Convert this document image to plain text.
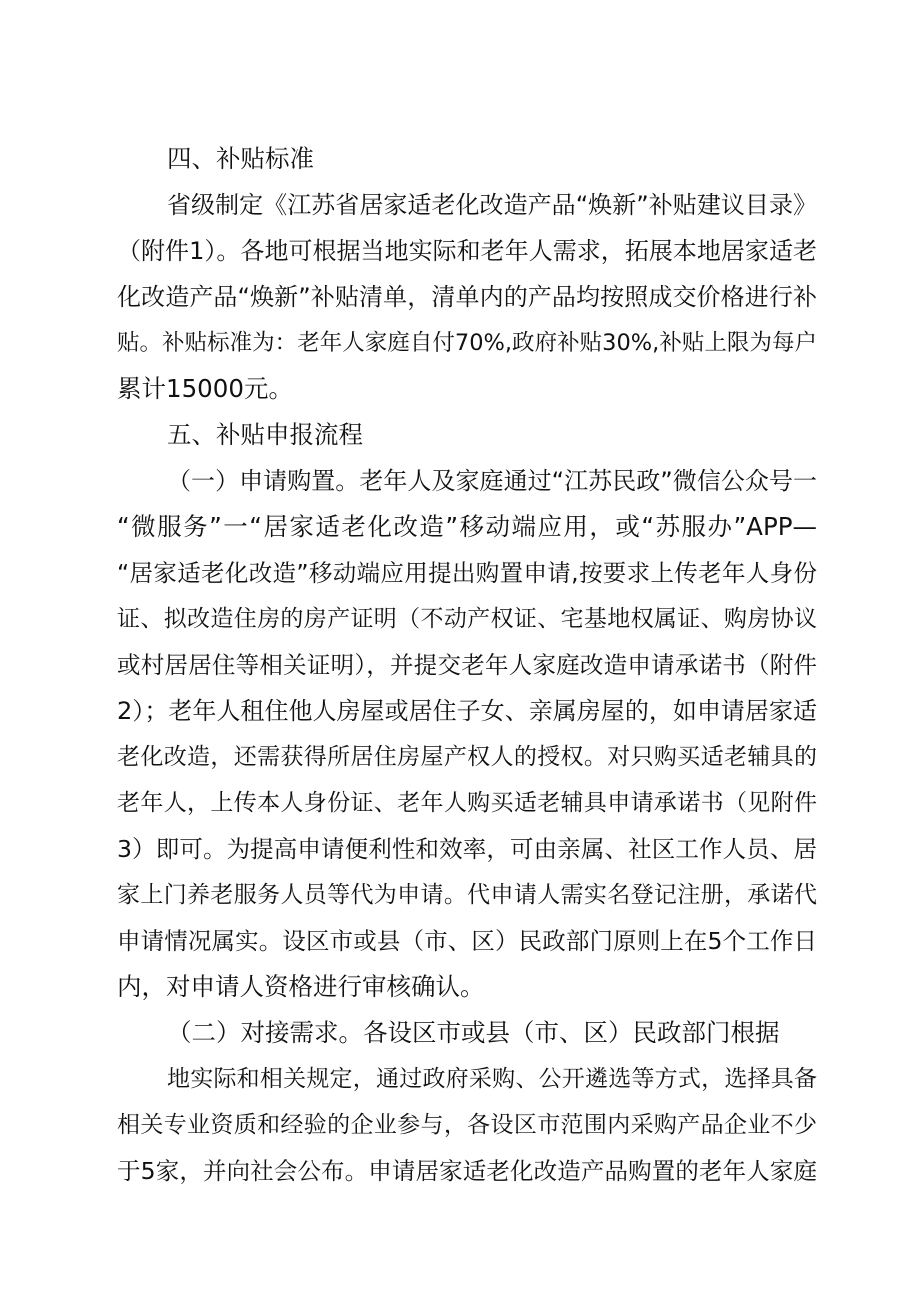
四、补贴标准

省级制定《江苏省居家适老化改造产品“焕新”补贴建议目录》

（附件1）。各地可根据当地实际和老年人需求，拓展本地居家适老

化改造产品“焕新”补贴清单，清单内的产品均按照成交价格进行补

贴。补贴标准为：老年人家庭自付70%,政府补贴30%,补贴上限为每户

累计15000元。

五、补贴申报流程

（一）申请购置。老年人及家庭通过“江苏民政”微信公众号一

“微服务”一“居家适老化改造”移动端应用，或“苏服办”APP—

“居家适老化改造”移动端应用提出购置申请,按要求上传老年人身份

证、拟改造住房的房产证明（不动产权证、宅基地权属证、购房协议

或村居居住等相关证明），并提交老年人家庭改造申请承诺书（附件

2）；老年人租住他人房屋或居住子女、亲属房屋的，如申请居家适

老化改造，还需获得所居住房屋产权人的授权。对只购买适老辅具的

老年人，上传本人身份证、老年人购买适老辅具申请承诺书（见附件

3）即可。为提高申请便利性和效率，可由亲属、社区工作人员、居

家上门养老服务人员等代为申请。代申请人需实名登记注册，承诺代

申请情况属实。设区市或县（市、区）民政部门原则上在5个工作日

内，对申请人资格进行审核确认。

（二）对接需求。各设区市或县（市、区）民政部门根据

地实际和相关规定，通过政府采购、公开遴选等方式，选择具备

相关专业资质和经验的企业参与，各设区市范围内采购产品企业不少

于5家，并向社会公布。申请居家适老化改造产品购置的老年人家庭
